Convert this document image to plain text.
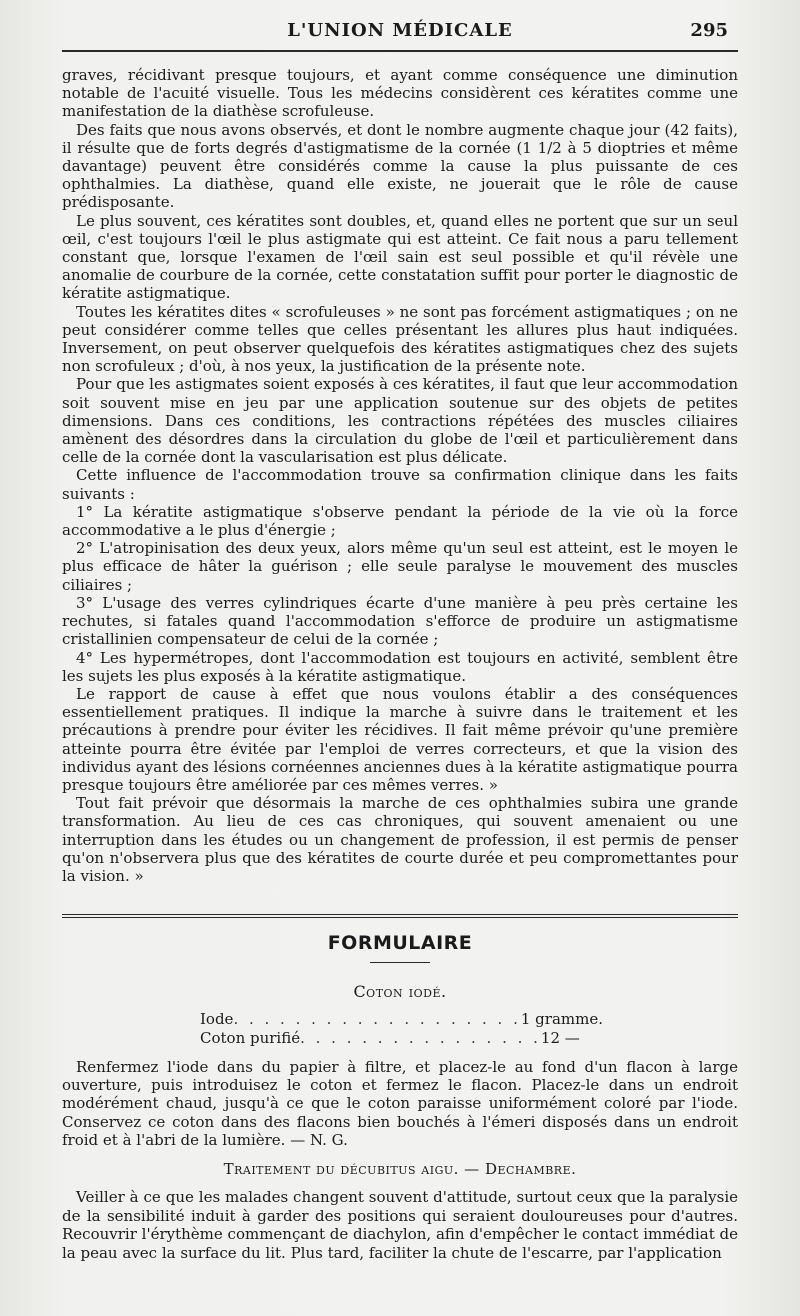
L'UNION MÉDICALE	295

graves, récidivant presque toujours, et ayant comme conséquence une diminution notable de l'acuité visuelle. Tous les médecins considèrent ces kératites comme une manifestation de la diathèse scrofuleuse.

Des faits que nous avons observés, et dont le nombre augmente chaque jour (42 faits), il résulte que de forts degrés d'astigmatisme de la cornée (1 1/2 à 5 dioptries et même davantage) peuvent être considérés comme la cause la plus puissante de ces ophthalmies. La diathèse, quand elle existe, ne jouerait que le rôle de cause prédisposante.

Le plus souvent, ces kératites sont doubles, et, quand elles ne portent que sur un seul œil, c'est toujours l'œil le plus astigmate qui est atteint. Ce fait nous a paru tellement constant que, lorsque l'examen de l'œil sain est seul possible et qu'il révèle une anomalie de courbure de la cornée, cette constatation suffit pour porter le diagnostic de kératite astigmatique.

Toutes les kératites dites « scrofuleuses » ne sont pas forcément astigmatiques ; on ne peut considérer comme telles que celles présentant les allures plus haut indiquées. Inversement, on peut observer quelquefois des kératites astigmatiques chez des sujets non scrofuleux ; d'où, à nos yeux, la justification de la présente note.

Pour que les astigmates soient exposés à ces kératites, il faut que leur accommodation soit souvent mise en jeu par une application soutenue sur des objets de petites dimensions. Dans ces conditions, les contractions répétées des muscles ciliaires amènent des désordres dans la circulation du globe de l'œil et particulièrement dans celle de la cornée dont la vascularisation est plus délicate.

Cette influence de l'accommodation trouve sa confirmation clinique dans les faits suivants :

1° La kératite astigmatique s'observe pendant la période de la vie où la force accommodative a le plus d'énergie ;

2° L'atropinisation des deux yeux, alors même qu'un seul est atteint, est le moyen le plus efficace de hâter la guérison ; elle seule paralyse le mouvement des muscles ciliaires ;

3° L'usage des verres cylindriques écarte d'une manière à peu près certaine les rechutes, si fatales quand l'accommodation s'efforce de produire un astigmatisme cristallinien compensateur de celui de la cornée ;

4° Les hypermétropes, dont l'accommodation est toujours en activité, semblent être les sujets les plus exposés à la kératite astigmatique.

Le rapport de cause à effet que nous voulons établir a des conséquences essentiellement pratiques. Il indique la marche à suivre dans le traitement et les précautions à prendre pour éviter les récidives. Il fait même prévoir qu'une première atteinte pourra être évitée par l'emploi de verres correcteurs, et que la vision des individus ayant des lésions cornéennes anciennes dues à la kératite astigmatique pourra presque toujours être améliorée par ces mêmes verres. »

Tout fait prévoir que désormais la marche de ces ophthalmies subira une grande transformation. Au lieu de ces cas chroniques, qui souvent amenaient ou une interruption dans les études ou un changement de profession, il est permis de penser qu'on n'observera plus que des kératites de courte durée et peu compromettantes pour la vision. »

FORMULAIRE
Coton iodé.
Iode . . . . . . . . . . . . . . . . . . . 1 gramme.
Coton purifié . . . . . . . . . . . . . . . . 12 —

Renfermez l'iode dans du papier à filtre, et placez-le au fond d'un flacon à large ouverture, puis introduisez le coton et fermez le flacon. Placez-le dans un endroit modérément chaud, jusqu'à ce que le coton paraisse uniformément coloré par l'iode. Conservez ce coton dans des flacons bien bouchés à l'émeri disposés dans un endroit froid et à l'abri de la lumière. — N. G.

Traitement du décubitus aigu. — Dechambre.

Veiller à ce que les malades changent souvent d'attitude, surtout ceux que la paralysie de la sensibilité induit à garder des positions qui seraient douloureuses pour d'autres. Recouvrir l'érythème commençant de diachylon, afin d'empêcher le contact immédiat de la peau avec la surface du lit. Plus tard, faciliter la chute de l'escarre, par l'application
